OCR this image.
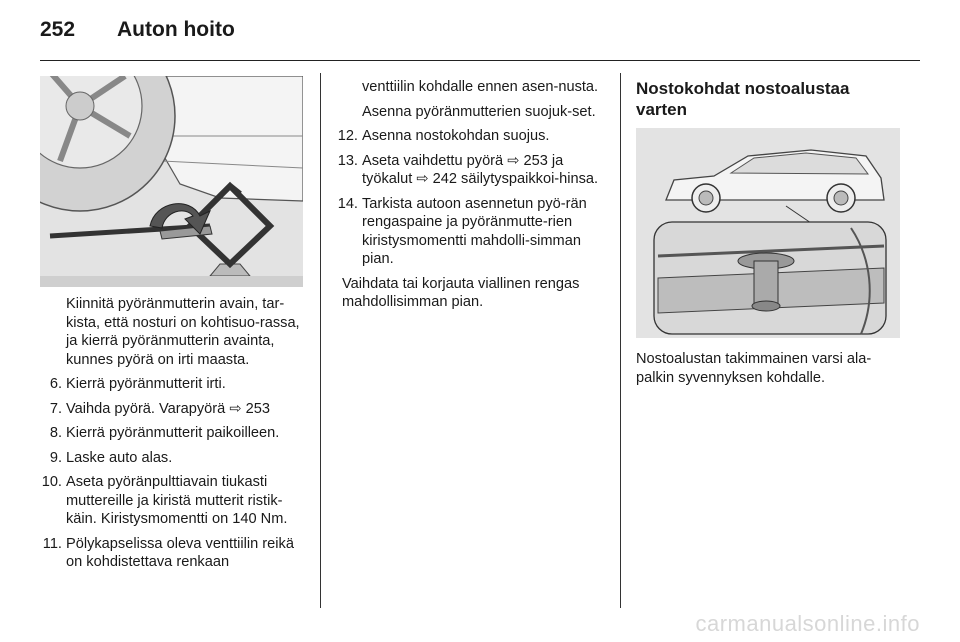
252 Auton hoito

Kiinnitä pyöränmutterin avain, tar-kista, että nosturi on kohtisuo-rassa, ja kierrä pyöränmutterin avainta, kunnes pyörä on irti maasta.

6. Kierrä pyöränmutterit irti.
7. Vaihda pyörä. Varapyörä ⇨ 253
8. Kierrä pyöränmutterit paikoilleen.
9. Laske auto alas.
10. Aseta pyöränpulttiavain tiukasti muttereille ja kiristä mutterit ristik-käin. Kiristysmomentti on 140 Nm.
11. Pölykapselissa oleva venttiilin reikä on kohdistettava renkaan

venttiilin kohdalle ennen asen-nusta.

Asenna pyöränmutterien suojuk-set.

12. Asenna nostokohdan suojus.
13. Aseta vaihdettu pyörä ⇨ 253 ja työkalut ⇨ 242 säilytyspaikkoi-hinsa.
14. Tarkista autoon asennetun pyö-rän rengaspaine ja pyöränmutte-rien kiristysmomentti mahdolli-simman pian.

Vaihdata tai korjauta viallinen rengas mahdollisimman pian.

Nostokohdat nostoalustaa varten
Nostoalustan takimmainen varsi ala-palkin syvennyksen kohdalle.
carmanualsonline.info
